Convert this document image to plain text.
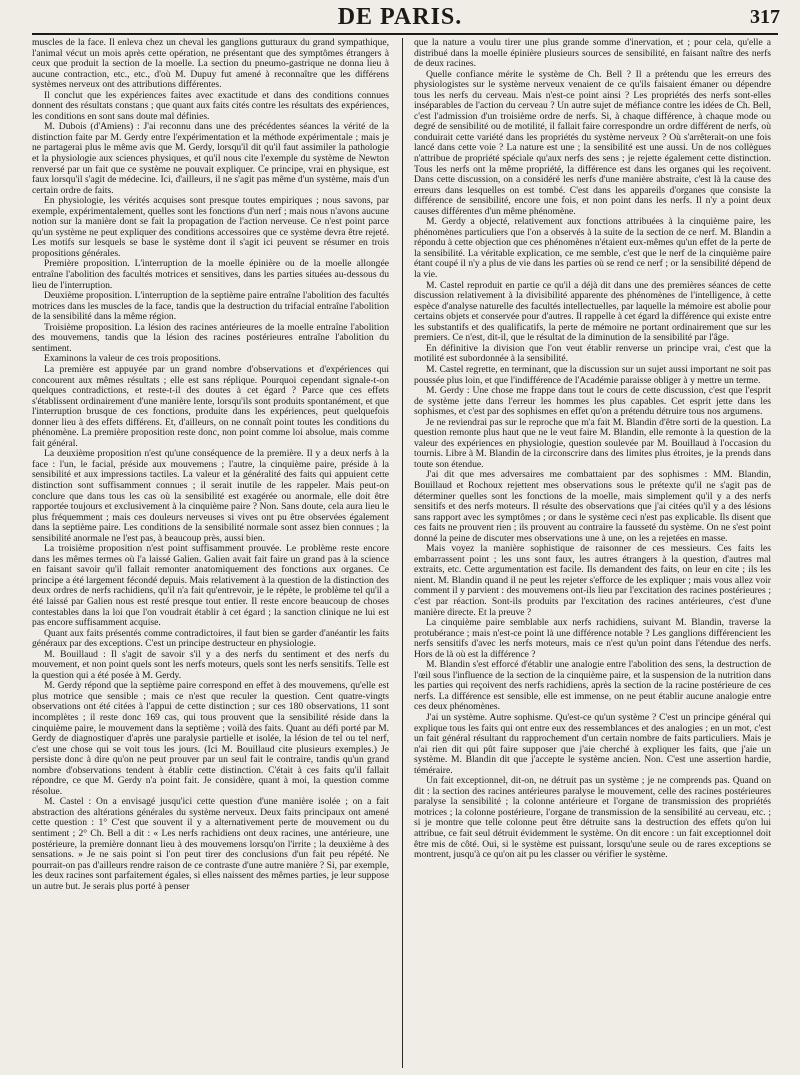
DE PARIS.	317

muscles de la face. Il enleva chez un cheval les ganglions gutturaux du grand sympathique, l'animal vécut un mois après cette opération, ne présentant que des symptômes étrangers à ceux que produit la section de la moelle. La section du pneumo-gastrique ne donna lieu à aucune contraction, etc., etc., d'où M. Dupuy fut amené à reconnaître que les différens systèmes nerveux ont des attributions différentes.

Il conclut que les expériences faites avec exactitude et dans des conditions connues donnent des résultats constans ; que quant aux faits cités contre les résultats des expériences, les conditions en sont sans doute mal définies.

M. Dubois (d'Amiens) : J'ai reconnu dans une des précédentes séances la vérité de la distinction faite par M. Gerdy entre l'expérimentation et la méthode expérimentale ; mais je ne partagerai plus le même avis que M. Gerdy, lorsqu'il dit qu'il faut assimiler la pathologie et la physiologie aux sciences physiques, et qu'il nous cite l'exemple du système de Newton renversé par un fait que ce système ne pouvait expliquer. Ce principe, vrai en physique, est faux lorsqu'il s'agit de médecine. Ici, d'ailleurs, il ne s'agit pas même d'un système, mais d'un certain ordre de faits.

En physiologie, les vérités acquises sont presque toutes empiriques ; nous savons, par exemple, expérimentalement, quelles sont les fonctions d'un nerf ; mais nous n'avons aucune notion sur la manière dont se fait la propagation de l'action nerveuse. Ce n'est point parce qu'un système ne peut expliquer des conditions accessoires que ce système devra être rejeté. Les motifs sur lesquels se base le système dont il s'agit ici peuvent se résumer en trois propositions générales.

Première proposition. L'interruption de la moelle épinière ou de la moelle allongée entraîne l'abolition des facultés motrices et sensitives, dans les parties situées au-dessous du lieu de l'interruption.

Deuxième proposition. L'interruption de la septième paire entraîne l'abolition des facultés motrices dans les muscles de la face, tandis que la destruction du trifacial entraîne l'abolition de la sensibilité dans la même région.

Troisième proposition. La lésion des racines antérieures de la moelle entraîne l'abolition des mouvemens, tandis que la lésion des racines postérieures entraîne l'abolition du sentiment.

Examinons la valeur de ces trois propositions.

La première est appuyée par un grand nombre d'observations et d'expériences qui concourent aux mêmes résultats ; elle est sans réplique. Pourquoi cependant signale-t-on quelques contradictions, et reste-t-il des doutes à cet égard ? Parce que ces effets s'établissent ordinairement d'une manière lente, lorsqu'ils sont produits spontanément, et que l'interruption brusque de ces fonctions, produite dans les expériences, peut quelquefois donner lieu à des effets différens. Et, d'ailleurs, on ne connaît point toutes les conditions du phénomène. La première proposition reste donc, non point comme loi absolue, mais comme fait général.

La deuxième proposition n'est qu'une conséquence de la première. Il y a deux nerfs à la face : l'un, le facial, préside aux mouvemens ; l'autre, la cinquième paire, préside à la sensibilité et aux impressions tactiles. La valeur et la généralité des faits qui appuient cette distinction sont suffisamment connues ; il serait inutile de les rappeler. Mais peut-on conclure que dans tous les cas où la sensibilité est exagérée ou anormale, elle doit être rapportée toujours et exclusivement à la cinquième paire ? Non. Sans doute, cela aura lieu le plus fréquemment ; mais ces douleurs nerveuses si vives ont pu être observées également dans la septième paire. Les conditions de la sensibilité normale sont assez bien connues ; la sensibilité anormale ne l'est pas, à beaucoup près, aussi bien.

La troisième proposition n'est point suffisamment prouvée. Le problème reste encore dans les mêmes termes où l'a laissé Galien. Galien avait fait faire un grand pas à la science en faisant savoir qu'il fallait remonter anatomiquement des fonctions aux organes. Ce principe a été largement fécondé depuis. Mais relativement à la question de la distinction des deux ordres de nerfs rachidiens, qu'il n'a fait qu'entrevoir, je le répète, le problème tel qu'il a été laissé par Galien nous est resté presque tout entier. Il reste encore beaucoup de choses contestables dans la loi que l'on voudrait établir à cet égard ; la sanction clinique ne lui est pas encore suffisamment acquise.

Quant aux faits présentés comme contradictoires, il faut bien se garder d'anéantir les faits généraux par des exceptions. C'est un principe destructeur en physiologie.

M. Bouillaud : Il s'agit de savoir s'il y a des nerfs du sentiment et des nerfs du mouvement, et non point quels sont les nerfs moteurs, quels sont les nerfs sensitifs. Telle est la question qui a été posée à M. Gerdy.

M. Gerdy répond que la septième paire correspond en effet à des mouvemens, qu'elle est plus motrice que sensible ; mais ce n'est que reculer la question. Cent quatre-vingts observations ont été citées à l'appui de cette distinction ; sur ces 180 observations, 11 sont incomplètes ; il reste donc 169 cas, qui tous prouvent que la sensibilité réside dans la cinquième paire, le mouvement dans la septième ; voilà des faits. Quant au défi porté par M. Gerdy de diagnostiquer d'après une paralysie partielle et isolée, la lésion de tel ou tel nerf, c'est une chose qui se voit tous les jours. (Ici M. Bouillaud cite plusieurs exemples.) Je persiste donc à dire qu'on ne peut prouver par un seul fait le contraire, tandis qu'un grand nombre d'observations tendent à établir cette distinction. C'était à ces faits qu'il fallait répondre, ce que M. Gerdy n'a point fait. Je considère, quant à moi, la question comme résolue.

M. Castel : On a envisagé jusqu'ici cette question d'une manière isolée ; on a fait abstraction des altérations générales du système nerveux. Deux faits principaux ont amené cette question : 1° C'est que souvent il y a alternativement perte de mouvement ou du sentiment ; 2° Ch. Bell a dit : « Les nerfs rachidiens ont deux racines, une antérieure, une postérieure, la première donnant lieu à des mouvemens lorsqu'on l'irrite ; la deuxième à des sensations. » Je ne sais point si l'on peut tirer des conclusions d'un fait peu répété. Ne pourrait-on pas d'ailleurs rendre raison de ce contraste d'une autre manière ? Si, par exemple, les deux racines sont parfaitement égales, si elles naissent des mêmes parties, je leur suppose un autre but. Je serais plus porté à penser

que la nature a voulu tirer une plus grande somme d'inervation, et ; pour cela, qu'elle a distribué dans la moelle épinière plusieurs sources de sensibilité, en faisant naître des nerfs de deux racines.

Quelle confiance mérite le système de Ch. Bell ? Il a prétendu que les erreurs des physiologistes sur le système nerveux venaient de ce qu'ils faisaient émaner ou dépendre tous les nerfs du cerveau. Mais n'est-ce point ainsi ? Les propriétés des nerfs sont-elles inséparables de l'action du cerveau ? Un autre sujet de méfiance contre les idées de Ch. Bell, c'est l'admission d'un troisième ordre de nerfs. Si, à chaque différence, à chaque mode ou degré de sensibilité ou de motilité, il fallait faire correspondre un ordre différent de nerfs, où conduirait cette variété dans les propriétés du système nerveux ? Où s'arrêterait-on une fois lancé dans cette voie ? La nature est une ; la sensibilité est une aussi. Un de nos collègues n'attribue de propriété spéciale qu'aux nerfs des sens ; je rejette également cette distinction. Tous les nerfs ont la même propriété, la différence est dans les organes qui les reçoivent. Dans cette discussion, on a considéré les nerfs d'une manière abstraite, c'est là la cause des erreurs dans lesquelles on est tombé. C'est dans les appareils d'organes que consiste la différence de sensibilité, encore une fois, et non point dans les nerfs. Il n'y a point deux causes différentes d'un même phénomène.

M. Gerdy a objecté, relativement aux fonctions attribuées à la cinquième paire, les phénomènes particuliers que l'on a observés à la suite de la section de ce nerf. M. Blandin a répondu à cette objection que ces phénomènes n'étaient eux-mêmes qu'un effet de la perte de la sensibilité. La véritable explication, ce me semble, c'est que le nerf de la cinquième paire étant coupé il n'y a plus de vie dans les parties où se rend ce nerf ; or la sensibilité dépend de la vie.

M. Castel reproduit en partie ce qu'il a déjà dit dans une des premières séances de cette discussion relativement à la divisibilité apparente des phénomènes de l'intelligence, à cette espèce d'analyse naturelle des facultés intellectuelles, par laquelle la mémoire est abolie pour certains objets et conservée pour d'autres. Il rappelle à cet égard la différence qui existe entre les substantifs et des qualificatifs, la perte de mémoire ne portant ordinairement que sur les premiers. Ce n'est, dit-il, que le résultat de la diminution de la sensibilité par l'âge.

En définitive la division que l'on veut établir renverse un principe vrai, c'est que la motilité est subordonnée à la sensibilité.

M. Castel regrette, en terminant, que la discussion sur un sujet aussi important ne soit pas poussée plus loin, et que l'indifférence de l'Académie paraisse obliger à y mettre un terme.

M. Gerdy : Une chose me frappe dans tout le cours de cette discussion, c'est que l'esprit de système jette dans l'erreur les hommes les plus capables. Cet esprit jette dans les sophismes, et c'est par des sophismes en effet qu'on a prétendu détruire tous nos argumens.

Je ne reviendrai pas sur le reproche que m'a fait M. Blandin d'être sorti de la question. La question remonte plus haut que ne le veut faire M. Blandin, elle remonte à la question de la valeur des expériences en physiologie, question soulevée par M. Bouillaud à l'occasion du tournis. Libre à M. Blandin de la circonscrire dans des limites plus étroites, je la prends dans toute son étendue.

J'ai dit que mes adversaires me combattaient par des sophismes : MM. Blandin, Bouillaud et Rochoux rejettent mes observations sous le prétexte qu'il ne s'agit pas de déterminer quelles sont les fonctions de la moelle, mais simplement qu'il y a des nerfs sensitifs et des nerfs moteurs. Il résulte des observations que j'ai citées qu'il y a des lésions sans rapport avec les symptômes ; or dans le système ceci n'est pas explicable. Ils disent que ces faits ne prouvent rien ; ils prouvent au contraire la fausseté du système. On ne s'est point donné la peine de discuter mes observations une à une, on les a rejetées en masse.

Mais voyez la manière sophistique de raisonner de ces messieurs. Ces faits les embarrassent point ; les uns sont faux, les autres étrangers à la question, d'autres mal extraits, etc. Cette argumentation est facile. Ils demandent des faits, on leur en cite ; ils les nient. M. Blandin quand il ne peut les rejeter s'efforce de les expliquer ; mais vous allez voir comment il y parvient : des mouvemens ont-ils lieu par l'excitation des racines postérieures ; c'est par réaction. Sont-ils produits par l'excitation des racines antérieures, c'est d'une manière directe. Et la preuve ?

La cinquième paire semblable aux nerfs rachidiens, suivant M. Blandin, traverse la protubérance ; mais n'est-ce point là une différence notable ? Les ganglions différencient les nerfs sensitifs d'avec les nerfs moteurs, mais ce n'est qu'un point dans l'étendue des nerfs. Hors de là où est la différence ?

M. Blandin s'est efforcé d'établir une analogie entre l'abolition des sens, la destruction de l'œil sous l'influence de la section de la cinquième paire, et la suspension de la nutrition dans les parties qui reçoivent des nerfs rachidiens, après la section de la racine postérieure de ces nerfs. La différence est sensible, elle est immense, on ne peut établir aucune analogie entre ces deux phénomènes.

J'ai un système. Autre sophisme. Qu'est-ce qu'un système ? C'est un principe général qui explique tous les faits qui ont entre eux des ressemblances et des analogies ; en un mot, c'est un fait général résultant du rapprochement d'un certain nombre de faits particuliers. Mais je n'ai rien dit qui pût faire supposer que j'aie cherché à expliquer les faits, que j'aie un système. M. Blandin dit que j'accepte le système ancien. Non. C'est une assertion hardie, téméraire.

Un fait exceptionnel, dit-on, ne détruit pas un système ; je ne comprends pas. Quand on dit : la section des racines antérieures paralyse le mouvement, celle des racines postérieures paralyse la sensibilité ; la colonne antérieure et l'organe de transmission des propriétés motrices ; la colonne postérieure, l'organe de transmission de la sensibilité au cerveau, etc. ; si je montre que telle colonne peut être détruite sans la destruction des effets qu'on lui attribue, ce fait seul détruit évidemment le système. On dit encore : un fait exceptionnel doit être mis de côté. Oui, si le système est puissant, lorsqu'une seule ou de rares exceptions se montrent, jusqu'à ce qu'on ait pu les classer ou vérifier le système.
